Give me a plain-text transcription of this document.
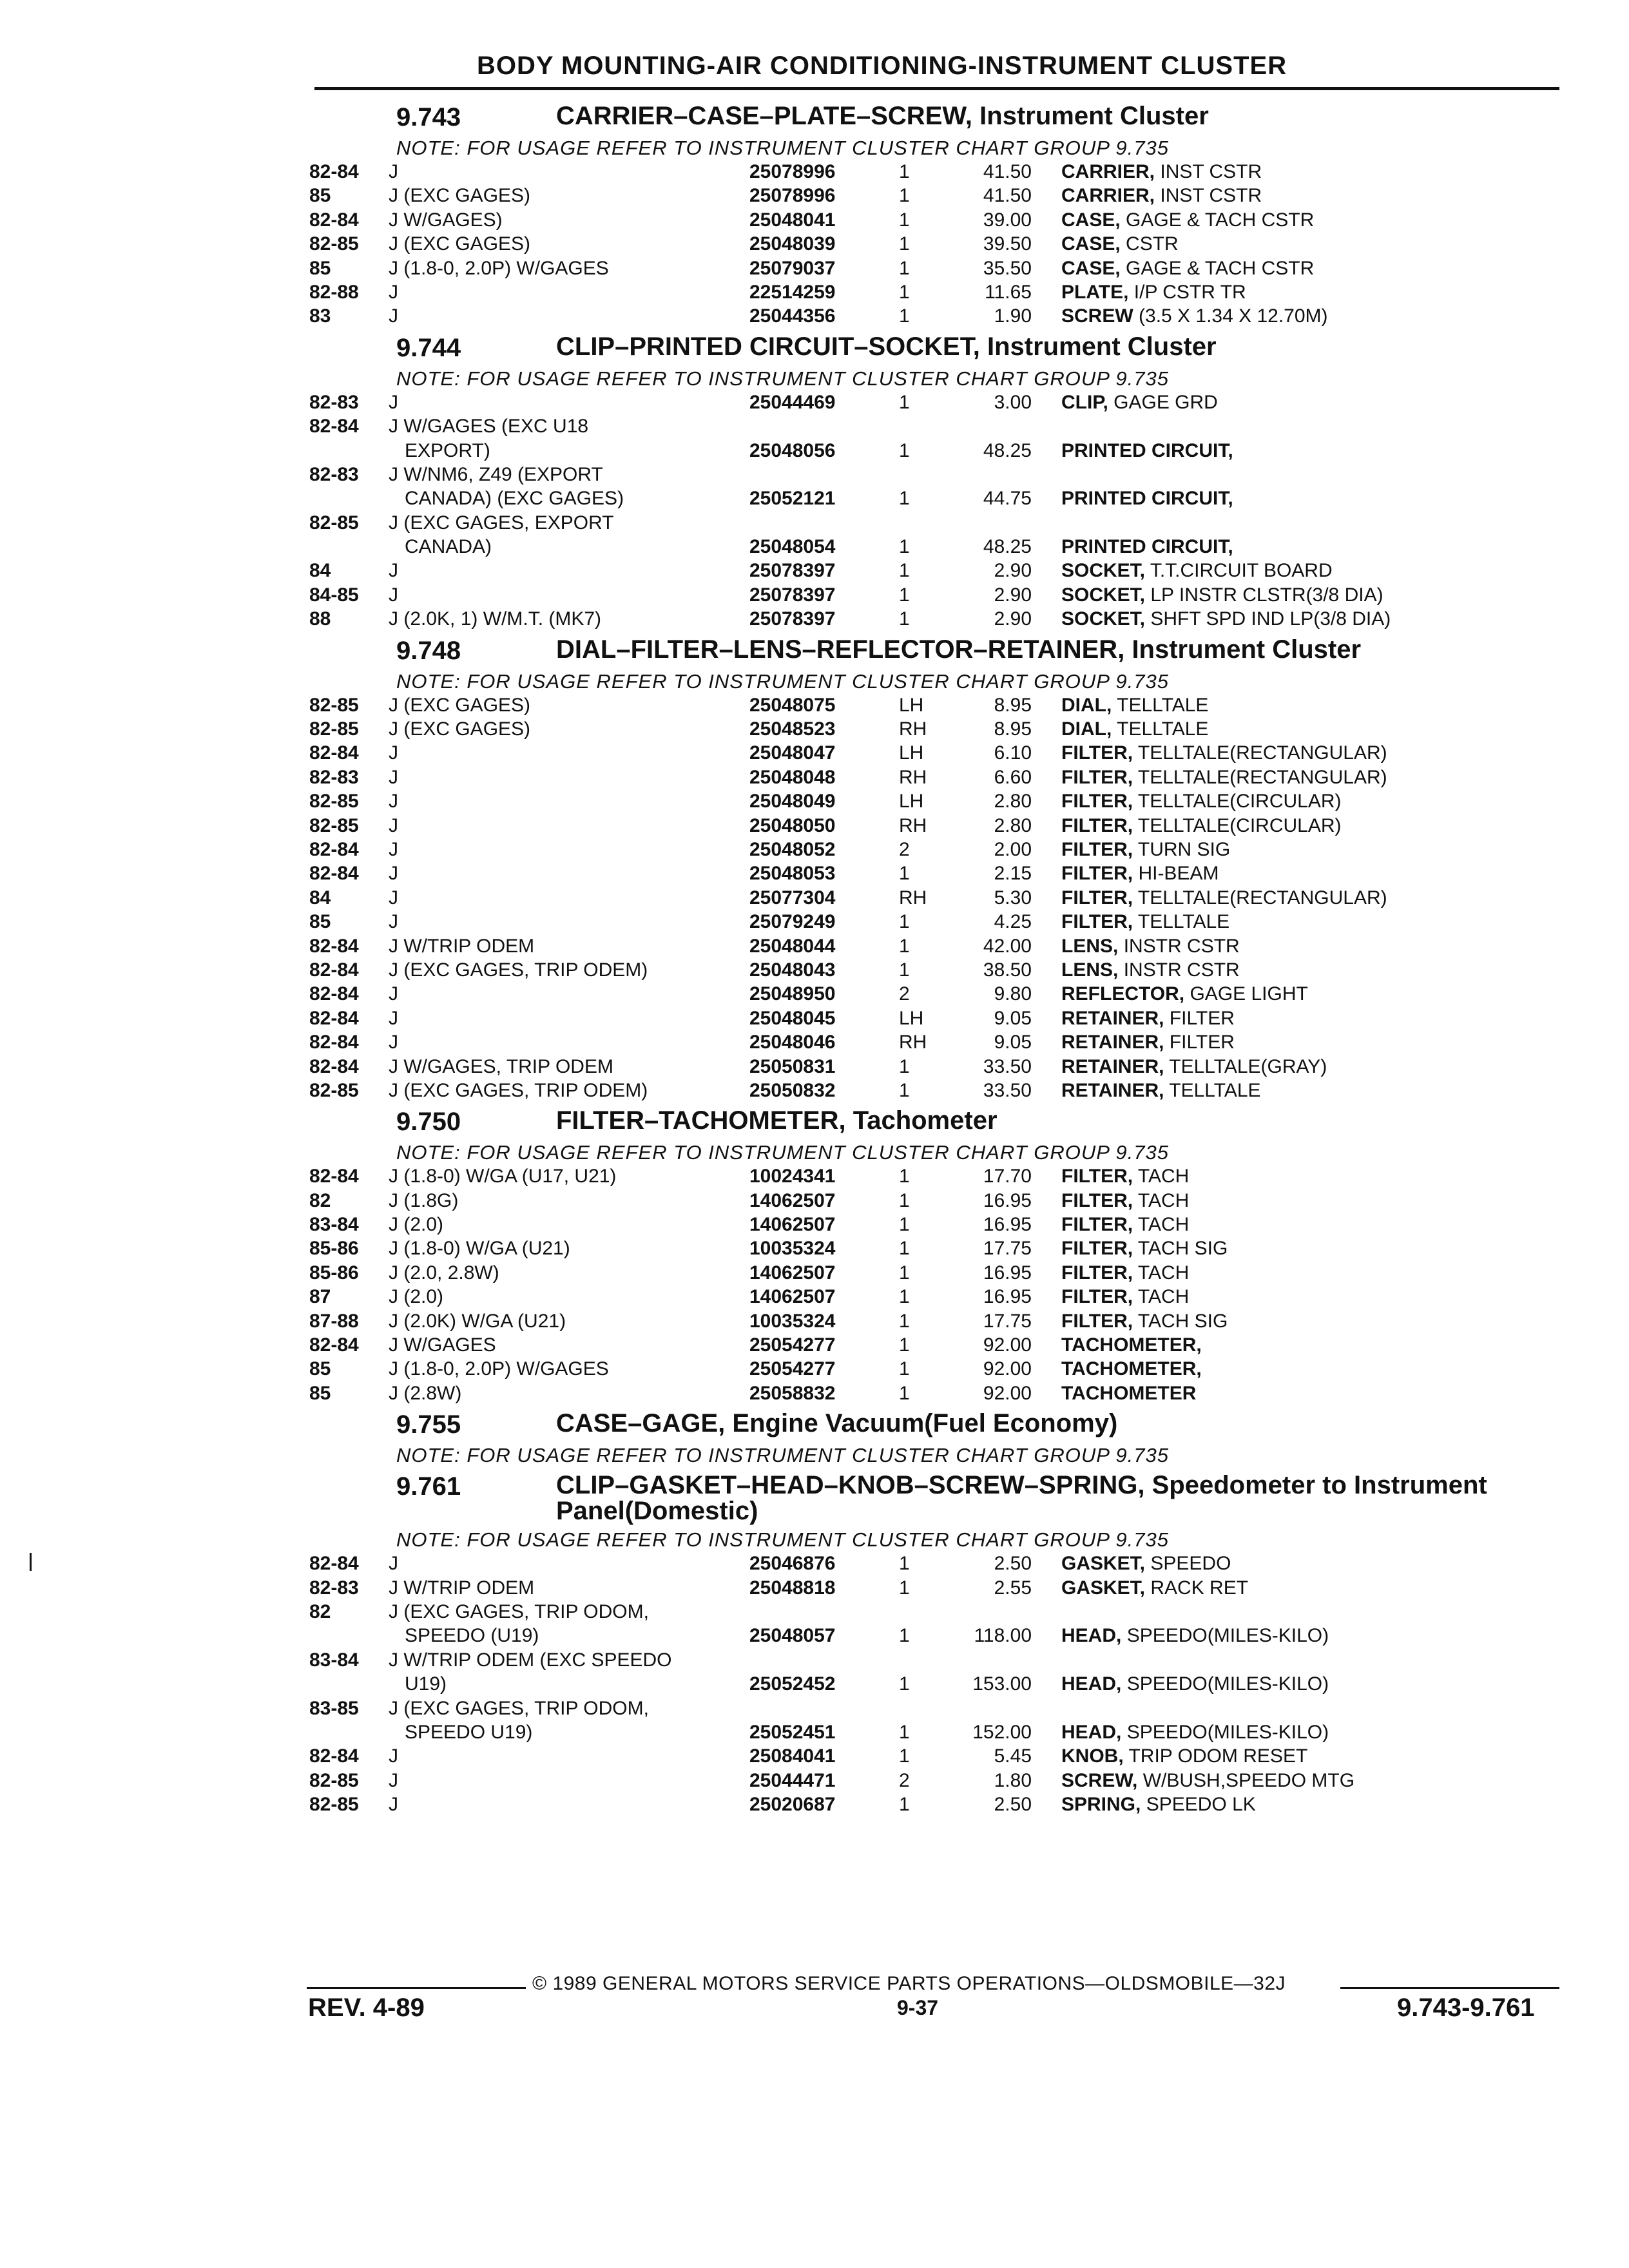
BODY MOUNTING-AIR CONDITIONING-INSTRUMENT CLUSTER
9.743	CARRIER–CASE–PLATE–SCREW, Instrument Cluster
NOTE: FOR USAGE REFER TO INSTRUMENT CLUSTER CHART GROUP 9.735
82-84	J	25078996	1	41.50	CARRIER, INST CSTR
85	J (EXC GAGES)	25078996	1	41.50	CARRIER, INST CSTR
82-84	J W/GAGES)	25048041	1	39.00	CASE, GAGE & TACH CSTR
82-85	J (EXC GAGES)	25048039	1	39.50	CASE, CSTR
85	J (1.8-0, 2.0P) W/GAGES	25079037	1	35.50	CASE, GAGE & TACH CSTR
82-88	J	22514259	1	11.65	PLATE, I/P CSTR TR
83	J	25044356	1	1.90	SCREW (3.5 X 1.34 X 12.70M)
9.744	CLIP–PRINTED CIRCUIT–SOCKET, Instrument Cluster
NOTE: FOR USAGE REFER TO INSTRUMENT CLUSTER CHART GROUP 9.735
82-83	J	25044469	1	3.00	CLIP, GAGE GRD
82-84	J W/GAGES (EXC U18
EXPORT)	25048056	1	48.25	PRINTED CIRCUIT,
82-83	J W/NM6, Z49 (EXPORT
CANADA) (EXC GAGES)	25052121	1	44.75	PRINTED CIRCUIT,
82-85	J (EXC GAGES, EXPORT
CANADA)	25048054	1	48.25	PRINTED CIRCUIT,
84	J	25078397	1	2.90	SOCKET, T.T.CIRCUIT BOARD
84-85	J	25078397	1	2.90	SOCKET, LP INSTR CLSTR(3/8 DIA)
88	J (2.0K, 1) W/M.T. (MK7)	25078397	1	2.90	SOCKET, SHFT SPD IND LP(3/8 DIA)
9.748	DIAL–FILTER–LENS–REFLECTOR–RETAINER, Instrument Cluster
NOTE: FOR USAGE REFER TO INSTRUMENT CLUSTER CHART GROUP 9.735
82-85	J (EXC GAGES)	25048075	LH	8.95	DIAL, TELLTALE
82-85	J (EXC GAGES)	25048523	RH	8.95	DIAL, TELLTALE
82-84	J	25048047	LH	6.10	FILTER, TELLTALE(RECTANGULAR)
82-83	J	25048048	RH	6.60	FILTER, TELLTALE(RECTANGULAR)
82-85	J	25048049	LH	2.80	FILTER, TELLTALE(CIRCULAR)
82-85	J	25048050	RH	2.80	FILTER, TELLTALE(CIRCULAR)
82-84	J	25048052	2	2.00	FILTER, TURN SIG
82-84	J	25048053	1	2.15	FILTER, HI-BEAM
84	J	25077304	RH	5.30	FILTER, TELLTALE(RECTANGULAR)
85	J	25079249	1	4.25	FILTER, TELLTALE
82-84	J W/TRIP ODEM	25048044	1	42.00	LENS, INSTR CSTR
82-84	J (EXC GAGES, TRIP ODEM)	25048043	1	38.50	LENS, INSTR CSTR
82-84	J	25048950	2	9.80	REFLECTOR, GAGE LIGHT
82-84	J	25048045	LH	9.05	RETAINER, FILTER
82-84	J	25048046	RH	9.05	RETAINER, FILTER
82-84	J W/GAGES, TRIP ODEM	25050831	1	33.50	RETAINER, TELLTALE(GRAY)
82-85	J (EXC GAGES, TRIP ODEM)	25050832	1	33.50	RETAINER, TELLTALE
9.750	FILTER–TACHOMETER, Tachometer
NOTE: FOR USAGE REFER TO INSTRUMENT CLUSTER CHART GROUP 9.735
82-84	J (1.8-0) W/GA (U17, U21)	10024341	1	17.70	FILTER, TACH
82	J (1.8G)	14062507	1	16.95	FILTER, TACH
83-84	J (2.0)	14062507	1	16.95	FILTER, TACH
85-86	J (1.8-0) W/GA (U21)	10035324	1	17.75	FILTER, TACH SIG
85-86	J (2.0, 2.8W)	14062507	1	16.95	FILTER, TACH
87	J (2.0)	14062507	1	16.95	FILTER, TACH
87-88	J (2.0K) W/GA (U21)	10035324	1	17.75	FILTER, TACH SIG
82-84	J W/GAGES	25054277	1	92.00	TACHOMETER,
85	J (1.8-0, 2.0P) W/GAGES	25054277	1	92.00	TACHOMETER,
85	J (2.8W)	25058832	1	92.00	TACHOMETER
9.755	CASE–GAGE, Engine Vacuum(Fuel Economy)
NOTE: FOR USAGE REFER TO INSTRUMENT CLUSTER CHART GROUP 9.735
9.761	CLIP–GASKET–HEAD–KNOB–SCREW–SPRING, Speedometer to Instrument Panel(Domestic)
NOTE: FOR USAGE REFER TO INSTRUMENT CLUSTER CHART GROUP 9.735
82-84	J	25046876	1	2.50	GASKET, SPEEDO
82-83	J W/TRIP ODEM	25048818	1	2.55	GASKET, RACK RET
82	J (EXC GAGES, TRIP ODOM,
SPEEDO (U19)	25048057	1	118.00	HEAD, SPEEDO(MILES-KILO)
83-84	J W/TRIP ODEM (EXC SPEEDO
U19)	25052452	1	153.00	HEAD, SPEEDO(MILES-KILO)
83-85	J (EXC GAGES, TRIP ODOM,
SPEEDO U19)	25052451	1	152.00	HEAD, SPEEDO(MILES-KILO)
82-84	J	25084041	1	5.45	KNOB, TRIP ODOM RESET
82-85	J	25044471	2	1.80	SCREW, W/BUSH,SPEEDO MTG
82-85	J	25020687	1	2.50	SPRING, SPEEDO LK
© 1989 GENERAL MOTORS SERVICE PARTS OPERATIONS—OLDSMOBILE—32J
REV. 4-89	9-37	9.743-9.761
